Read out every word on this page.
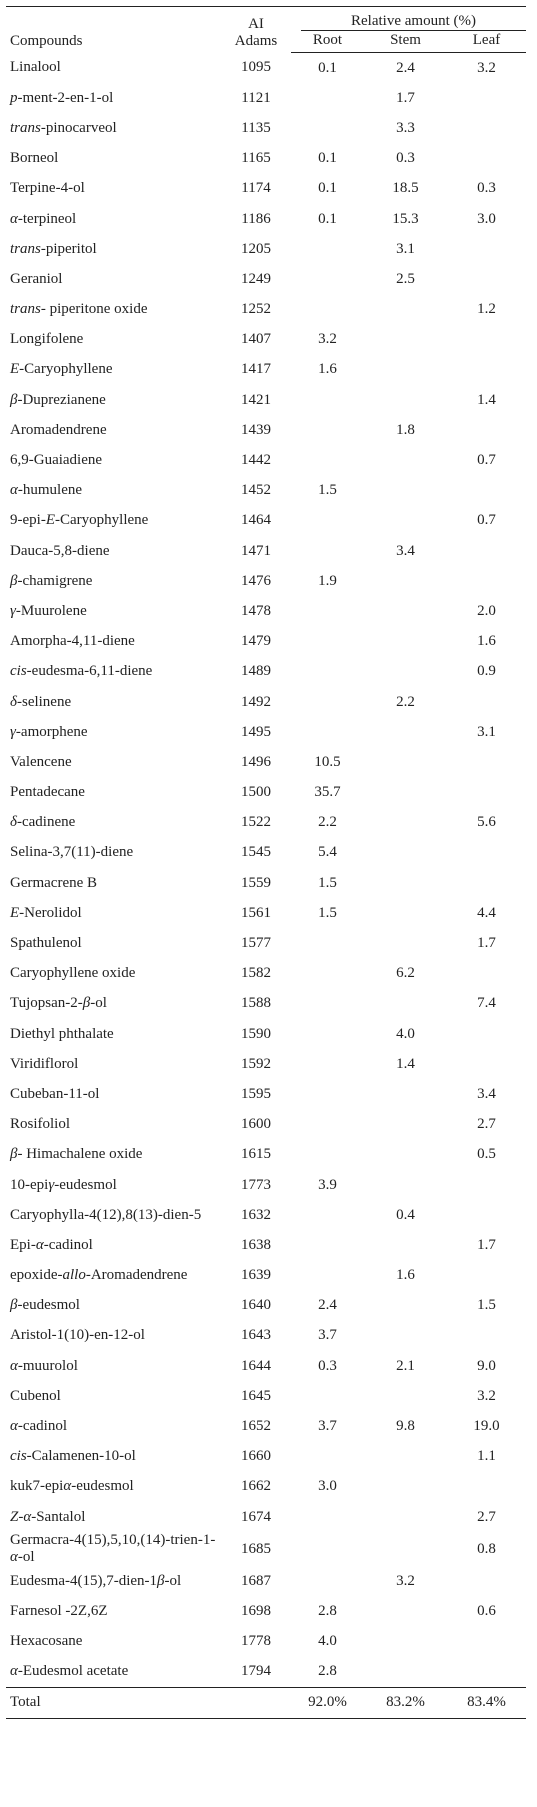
Compounds	AI
Adams	Relative amount (%)		

		Root	Stem	Leaf
Linalool	1095	0.1	2.4	3.2
p-ment-2-en-1-ol	1121		1.7	
trans-pinocarveol	1135		3.3	
Borneol	1165	0.1	0.3	
Terpine-4-ol	1174	0.1	18.5	0.3
α-terpineol	1186	0.1	15.3	3.0
trans-piperitol	1205		3.1	
Geraniol	1249		2.5	
trans- piperitone oxide	1252			1.2
Longifolene	1407	3.2		
E-Caryophyllene	1417	1.6		
β-Duprezianene	1421			1.4
Aromadendrene	1439		1.8	
6,9-Guaiadiene	1442			0.7
α-humulene	1452	1.5		
9-epi-E-Caryophyllene	1464			0.7
Dauca-5,8-diene	1471		3.4	
β-chamigrene	1476	1.9		
γ-Muurolene	1478			2.0
Amorpha-4,11-diene	1479			1.6
cis-eudesma-6,11-diene	1489			0.9
δ-selinene	1492		2.2	
γ-amorphene	1495			3.1
Valencene	1496	10.5		
Pentadecane	1500	35.7		
δ-cadinene	1522	2.2		5.6
Selina-3,7(11)-diene	1545	5.4		
Germacrene B	1559	1.5		
E-Nerolidol	1561	1.5		4.4
Spathulenol	1577			1.7
Caryophyllene oxide	1582		6.2	
Tujopsan-2-β-ol	1588			7.4
Diethyl phthalate	1590		4.0	
Viridiflorol	1592		1.4	
Cubeban-11-ol	1595			3.4
Rosifoliol	1600			2.7
β- Himachalene oxide	1615			0.5
10-epiγ-eudesmol	1773	3.9		
Caryophylla-4(12),8(13)-dien-5	1632		0.4	
Epi-α-cadinol	1638			1.7
epoxide-allo-Aromadendrene	1639		1.6	
β-eudesmol	1640	2.4		1.5
Aristol-1(10)-en-12-ol	1643	3.7		
α-muurolol	1644	0.3	2.1	9.0
Cubenol	1645			3.2
α-cadinol	1652	3.7	9.8	19.0
cis-Calamenen-10-ol	1660			1.1
kuk7-epiα-eudesmol	1662	3.0		
Z-α-Santalol	1674			2.7
Germacra-4(15),5,10,(14)-trien-1-α-ol	1685			0.8
Eudesma-4(15),7-dien-1β-ol	1687		3.2	
Farnesol -2Z,6Z	1698	2.8		0.6
Hexacosane	1778	4.0		
α-Eudesmol acetate	1794	2.8		
Total		92.0%	83.2%	83.4%
